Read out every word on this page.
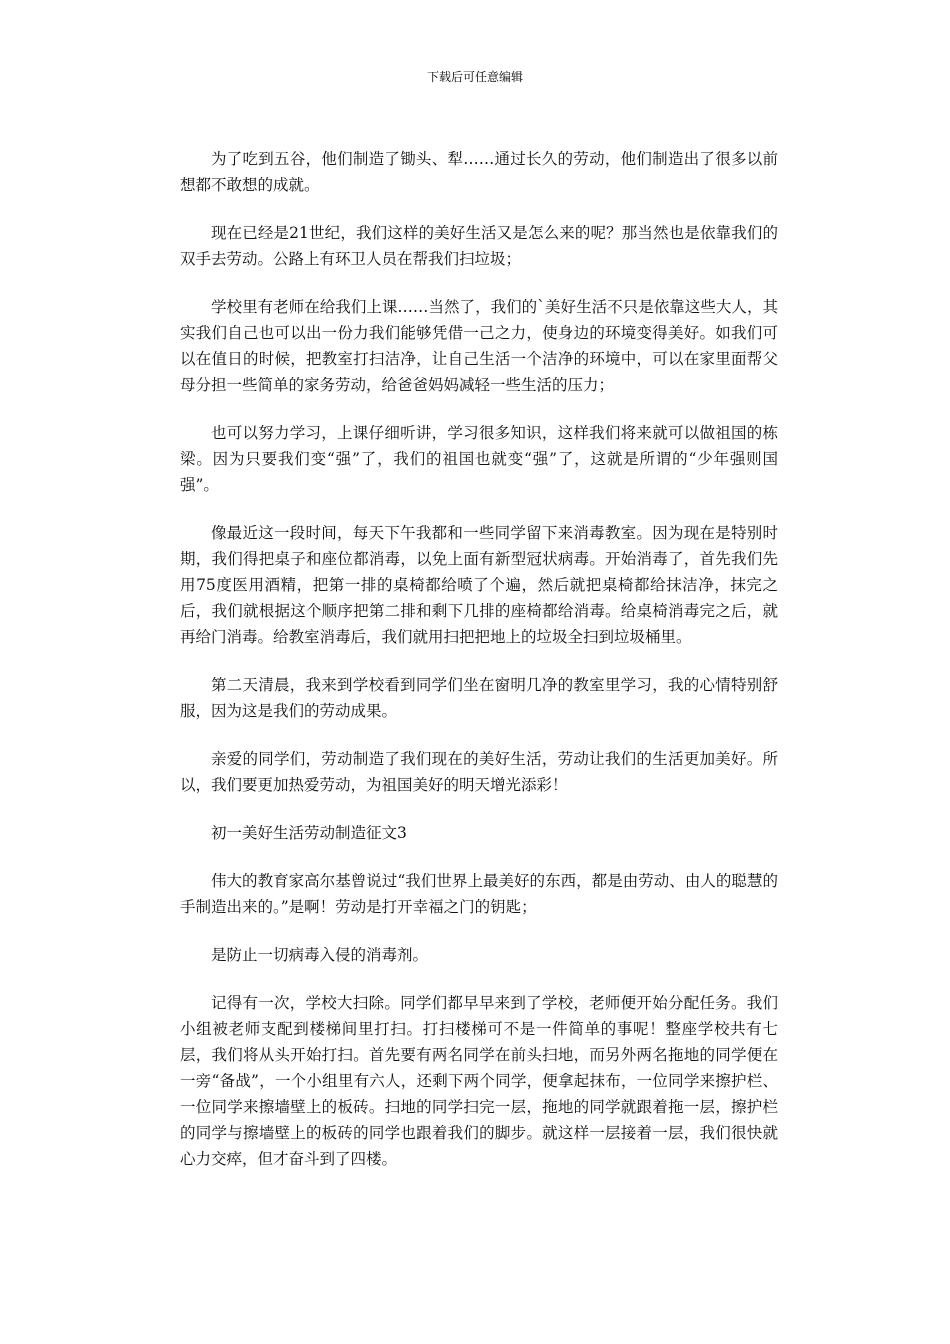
下载后可任意编辑

为了吃到五谷，他们制造了锄头、犁……通过长久的劳动，他们制造出了很多以前想都不敢想的成就。

现在已经是21世纪，我们这样的美好生活又是怎么来的呢？那当然也是依靠我们的双手去劳动。公路上有环卫人员在帮我们扫垃圾；

学校里有老师在给我们上课……当然了，我们的`美好生活不只是依靠这些大人，其实我们自己也可以出一份力我们能够凭借一己之力，使身边的环境变得美好。如我们可以在值日的时候，把教室打扫洁净，让自己生活一个洁净的环境中，可以在家里面帮父母分担一些简单的家务劳动，给爸爸妈妈减轻一些生活的压力；

也可以努力学习，上课仔细听讲，学习很多知识，这样我们将来就可以做祖国的栋梁。因为只要我们变“强”了，我们的祖国也就变“强”了，这就是所谓的“少年强则国强”。

像最近这一段时间，每天下午我都和一些同学留下来消毒教室。因为现在是特别时期，我们得把桌子和座位都消毒，以免上面有新型冠状病毒。开始消毒了，首先我们先用75度医用酒精，把第一排的桌椅都给喷了个遍，然后就把桌椅都给抹洁净，抹完之后，我们就根据这个顺序把第二排和剩下几排的座椅都给消毒。给桌椅消毒完之后，就再给门消毒。给教室消毒后，我们就用扫把把地上的垃圾全扫到垃圾桶里。

第二天清晨，我来到学校看到同学们坐在窗明几净的教室里学习，我的心情特别舒服，因为这是我们的劳动成果。

亲爱的同学们，劳动制造了我们现在的美好生活，劳动让我们的生活更加美好。所以，我们要更加热爱劳动，为祖国美好的明天增光添彩！

初一美好生活劳动制造征文3

伟大的教育家高尔基曾说过“我们世界上最美好的东西，都是由劳动、由人的聪慧的手制造出来的。”是啊！劳动是打开幸福之门的钥匙；

是防止一切病毒入侵的消毒剂。

记得有一次，学校大扫除。同学们都早早来到了学校，老师便开始分配任务。我们小组被老师支配到楼梯间里打扫。打扫楼梯可不是一件简单的事呢！整座学校共有七层，我们将从头开始打扫。首先要有两名同学在前头扫地，而另外两名拖地的同学便在一旁“备战”，一个小组里有六人，还剩下两个同学，便拿起抹布，一位同学来擦护栏、一位同学来擦墙壁上的板砖。扫地的同学扫完一层，拖地的同学就跟着拖一层，擦护栏的同学与擦墙壁上的板砖的同学也跟着我们的脚步。就这样一层接着一层，我们很快就心力交瘁，但才奋斗到了四楼。
